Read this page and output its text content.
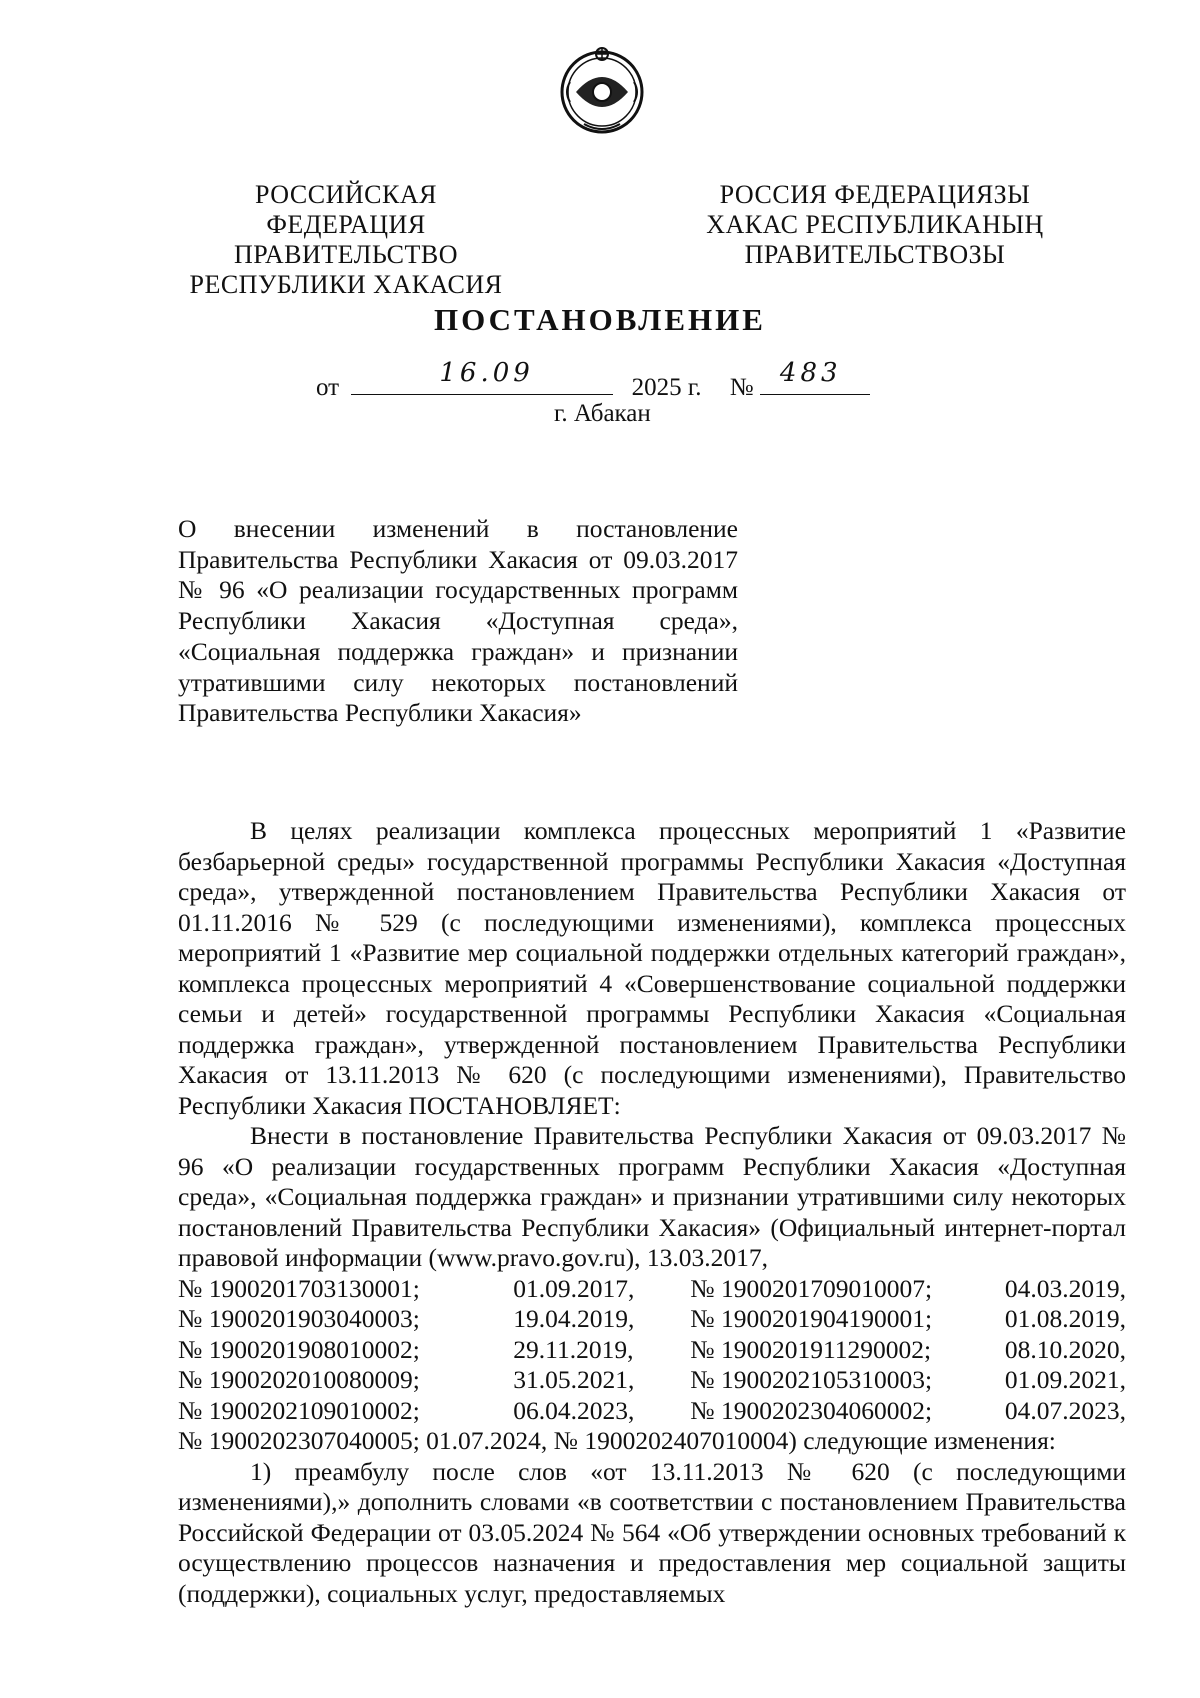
РОССИЙСКАЯ ФЕДЕРАЦИЯ
ПРАВИТЕЛЬСТВО
РЕСПУБЛИКИ ХАКАСИЯ
РОССИЯ ФЕДЕРАЦИЯЗЫ
ХАКАС РЕСПУБЛИКАНЫҢ
ПРАВИТЕЛЬСТВОЗЫ
ПОСТАНОВЛЕНИЕ
от	16.09	2025 г. № 483
г. Абакан
О внесении изменений в постановление Правительства Республики Хакасия от 09.03.2017 № 96 «О реализации государственных программ Республики Хакасия «Доступная среда», «Социальная поддержка граждан» и признании утратившими силу некоторых постановлений Правительства Республики Хакасия»

В целях реализации комплекса процессных мероприятий 1 «Развитие безбарьерной среды» государственной программы Республики Хакасия «Доступная среда», утвержденной постановлением Правительства Республики Хакасия от 01.11.2016 № 529 (с последующими изменениями), комплекса процессных мероприятий 1 «Развитие мер социальной поддержки отдельных категорий граждан», комплекса процессных мероприятий 4 «Совершенствование социальной поддержки семьи и детей» государственной программы Республики Хакасия «Социальная поддержка граждан», утвержденной постановлением Правительства Республики Хакасия от 13.11.2013 № 620 (с последующими изменениями), Правительство Республики Хакасия ПОСТАНОВЛЯЕТ:

Внести в постановление Правительства Республики Хакасия от 09.03.2017 № 96 «О реализации государственных программ Республики Хакасия «Доступная среда», «Социальная поддержка граждан» и признании утратившими силу некоторых постановлений Правительства Республики Хакасия» (Официальный интернет-портал правовой информации (www.pravo.gov.ru), 13.03.2017,

№ 1900201703130001;	01.09.2017,	№ 1900201709010007;	04.03.2019,
№ 1900201903040003;	19.04.2019,	№ 1900201904190001;	01.08.2019,
№ 1900201908010002;	29.11.2019,	№ 1900201911290002;	08.10.2020,
№ 1900202010080009;	31.05.2021,	№ 1900202105310003;	01.09.2021,
№ 1900202109010002;	06.04.2023,	№ 1900202304060002;	04.07.2023,

№ 1900202307040005; 01.07.2024, № 1900202407010004) следующие изменения:

1) преамбулу после слов «от 13.11.2013 № 620 (с последующими изменениями),» дополнить словами «в соответствии с постановлением Правительства Российской Федерации от 03.05.2024 № 564 «Об утверждении основных требований к осуществлению процессов назначения и предоставления мер социальной защиты (поддержки), социальных услуг, предоставляемых
